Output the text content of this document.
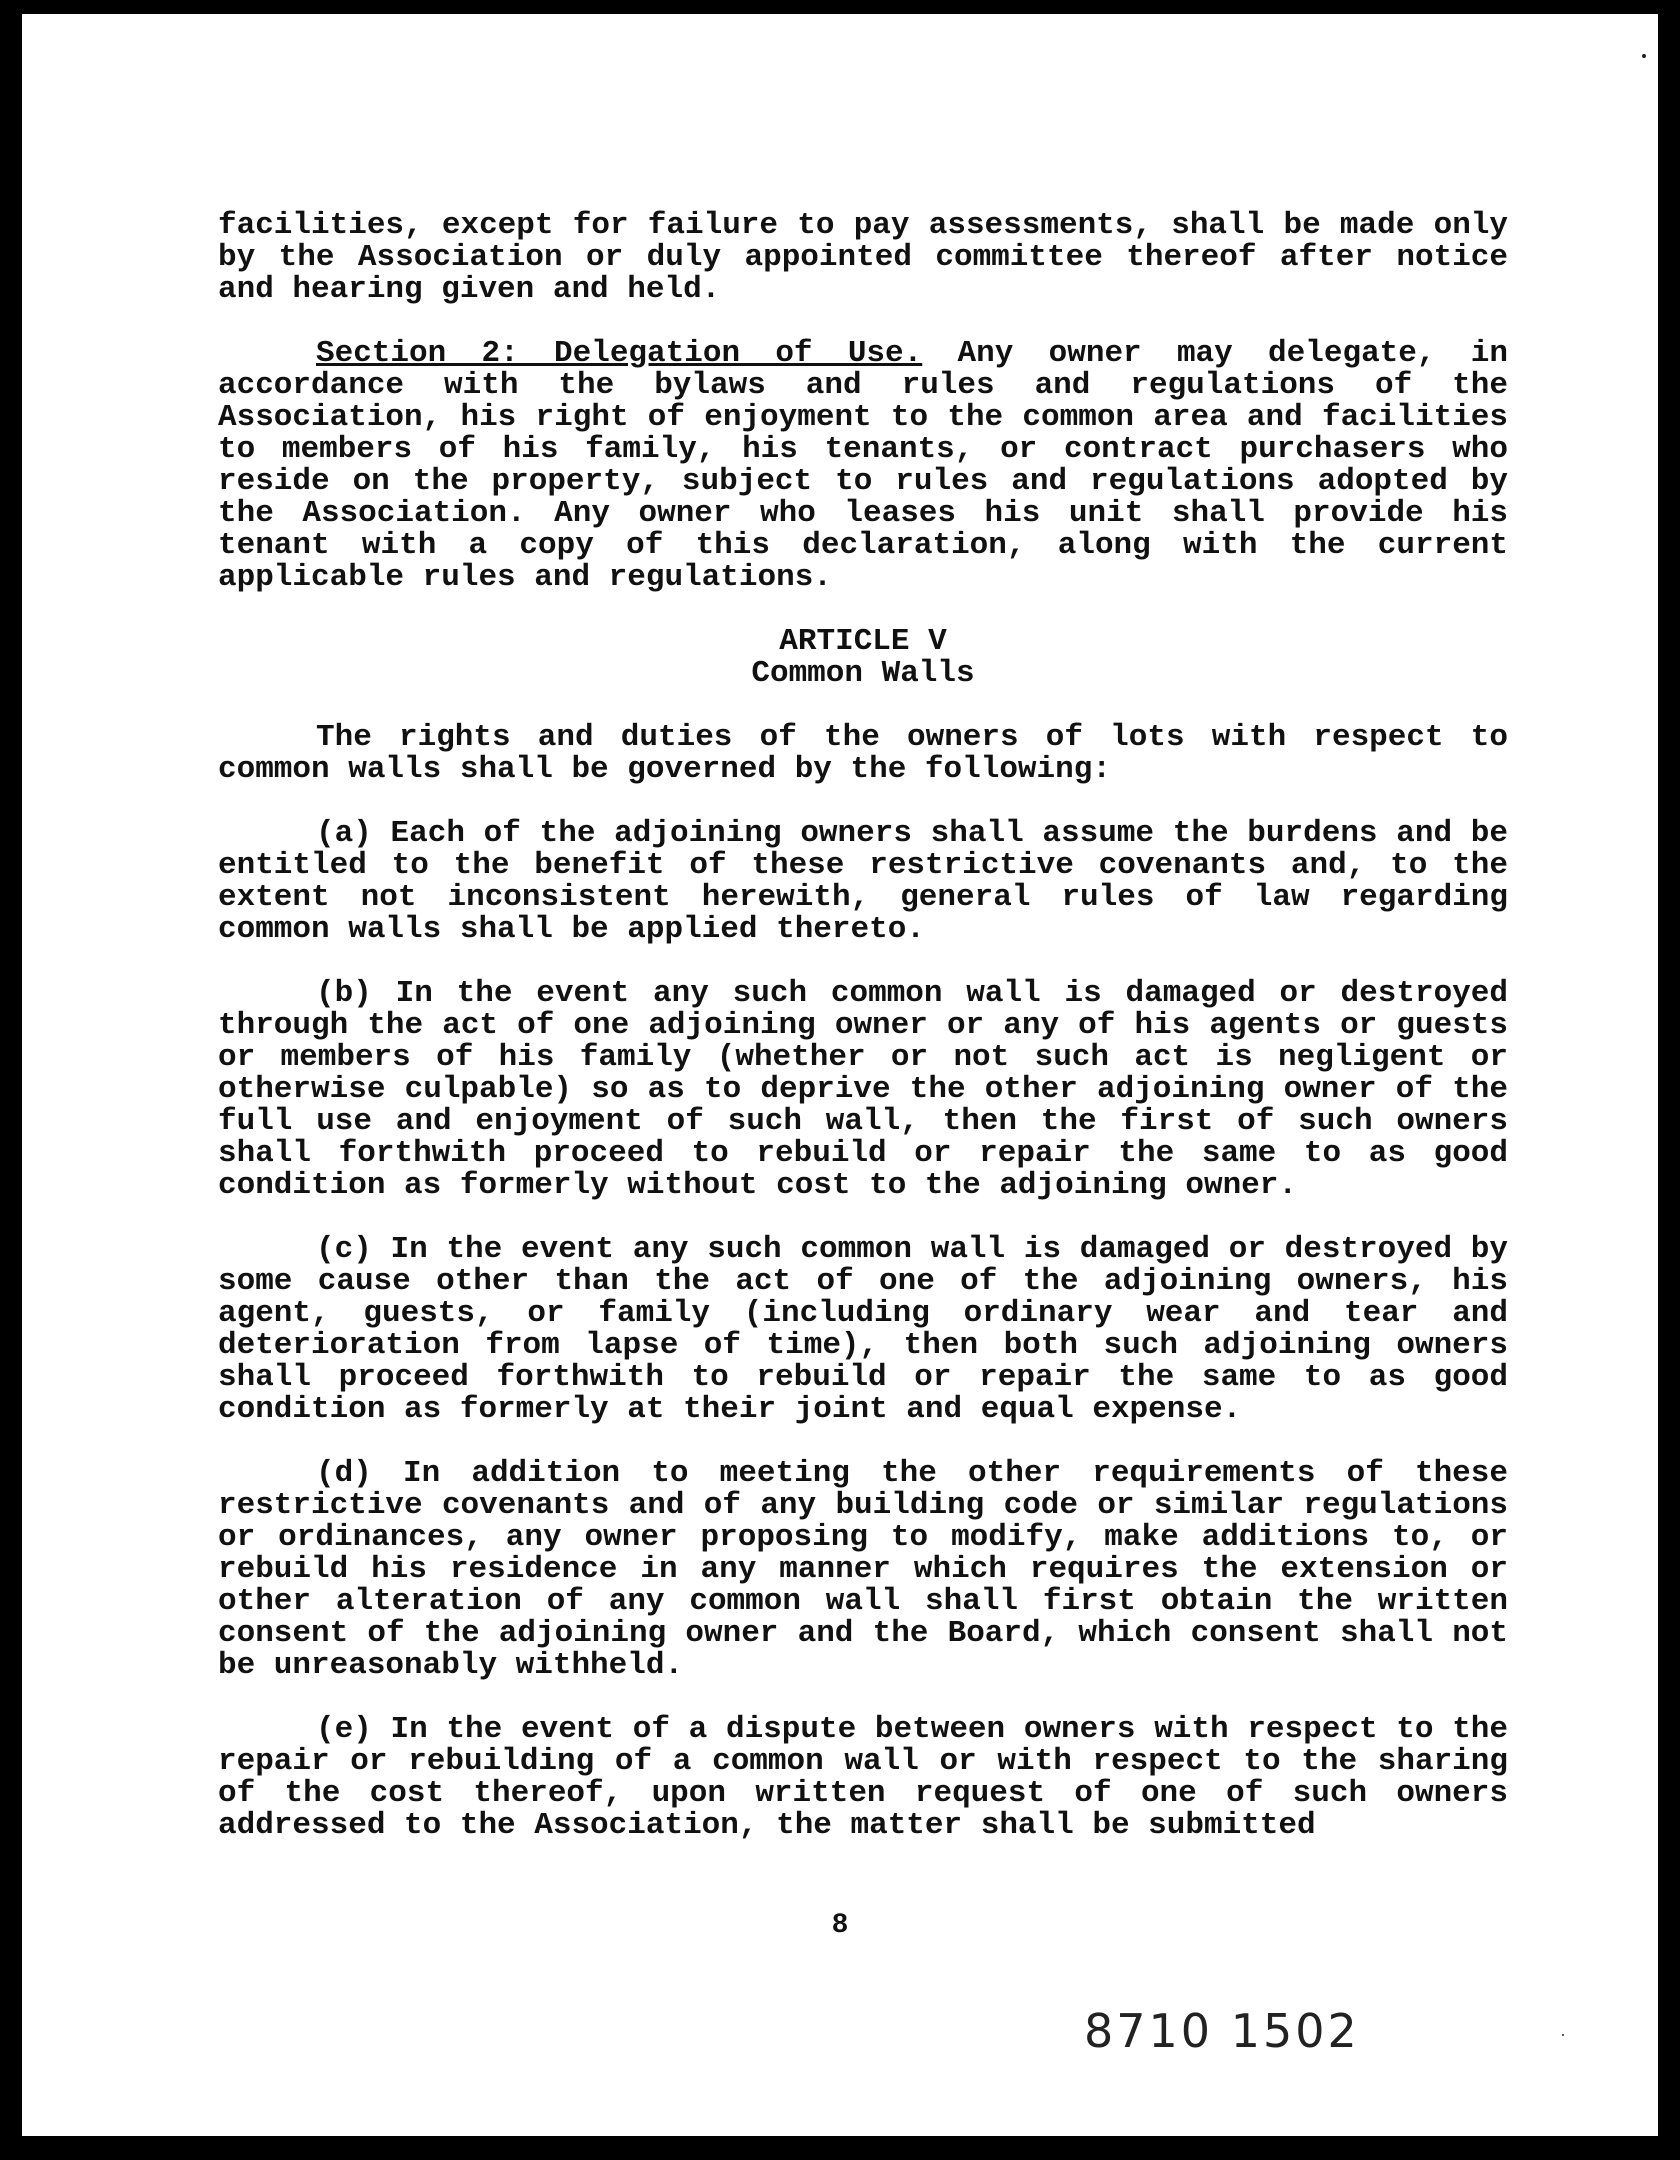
facilities, except for failure to pay assessments, shall be made only by the Association or duly appointed committee thereof after notice and hearing given and held.

Section 2: Delegation of Use. Any owner may delegate, in accordance with the bylaws and rules and regulations of the Association, his right of enjoyment to the common area and facilities to members of his family, his tenants, or contract purchasers who reside on the property, subject to rules and regulations adopted by the Association. Any owner who leases his unit shall provide his tenant with a copy of this declaration, along with the current applicable rules and regulations.

ARTICLE V

Common Walls

The rights and duties of the owners of lots with respect to common walls shall be governed by the following:

(a) Each of the adjoining owners shall assume the burdens and be entitled to the benefit of these restrictive covenants and, to the extent not inconsistent herewith, general rules of law regarding common walls shall be applied thereto.

(b) In the event any such common wall is damaged or destroyed through the act of one adjoining owner or any of his agents or guests or members of his family (whether or not such act is negligent or otherwise culpable) so as to deprive the other adjoining owner of the full use and enjoyment of such wall, then the first of such owners shall forthwith proceed to rebuild or repair the same to as good condition as formerly without cost to the adjoining owner.

(c) In the event any such common wall is damaged or destroyed by some cause other than the act of one of the adjoining owners, his agent, guests, or family (including ordinary wear and tear and deterioration from lapse of time), then both such adjoining owners shall proceed forthwith to rebuild or repair the same to as good condition as formerly at their joint and equal expense.

(d) In addition to meeting the other requirements of these restrictive covenants and of any building code or similar regulations or ordinances, any owner proposing to modify, make additions to, or rebuild his residence in any manner which requires the extension or other alteration of any common wall shall first obtain the written consent of the adjoining owner and the Board, which consent shall not be unreasonably withheld.

(e) In the event of a dispute between owners with respect to the repair or rebuilding of a common wall or with respect to the sharing of the cost thereof, upon written request of one of such owners addressed to the Association, the matter shall be submitted

8
8710 1502
